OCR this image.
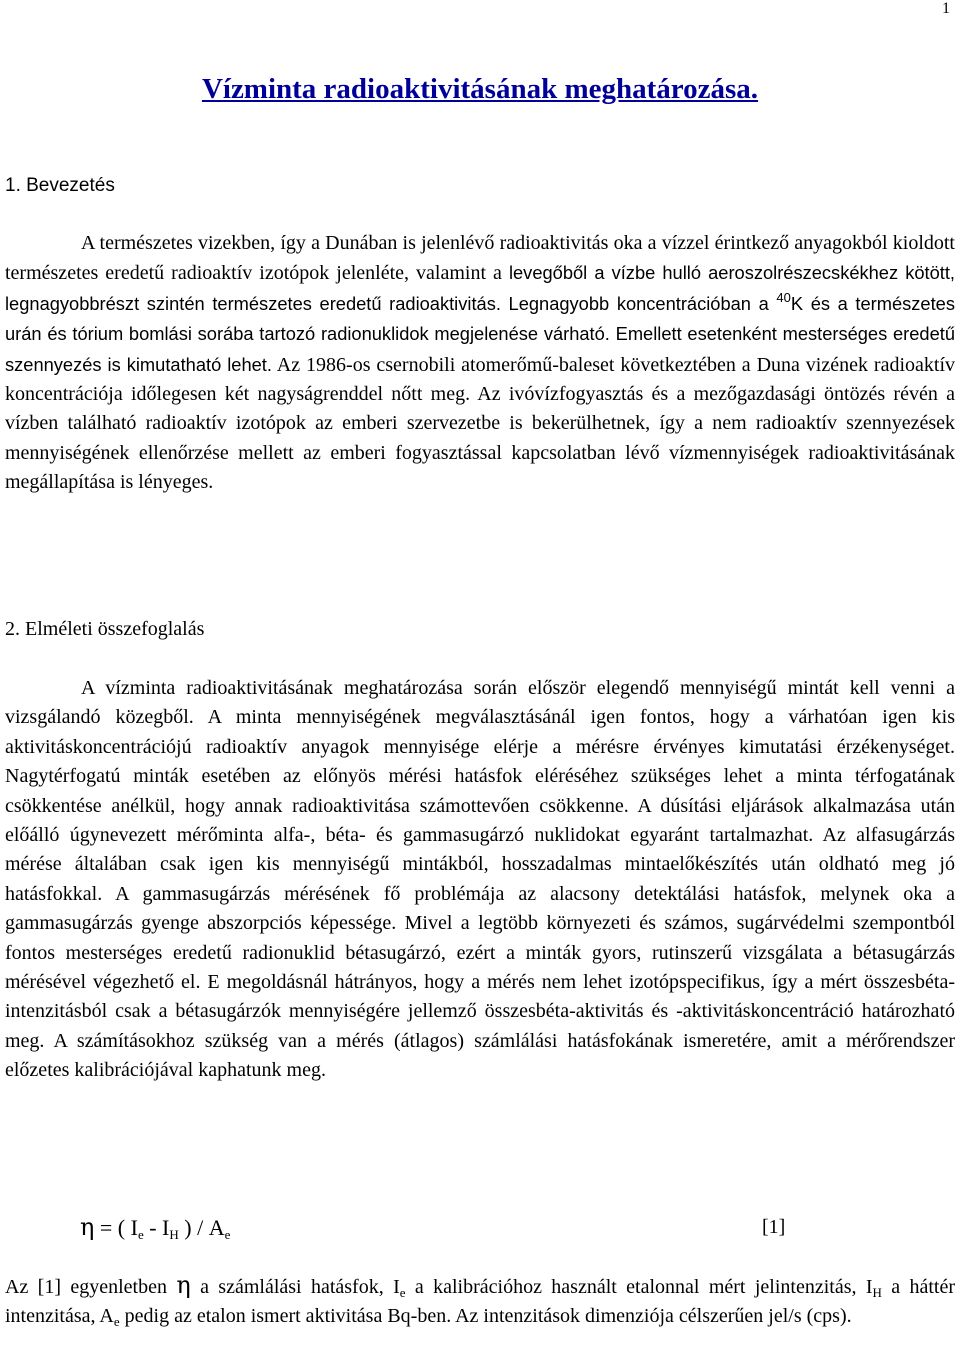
1
Vízminta radioaktivitásának meghatározása.
1. Bevezetés

A természetes vizekben, így a Dunában is jelenlévő radioaktivitás oka a vízzel érintkező anyagokból kioldott természetes eredetű radioaktív izotópok jelenléte, valamint a levegőből a vízbe hulló aeroszolrészecskékhez kötött, legnagyobbrészt szintén természetes eredetű radioaktivitás. Legnagyobb koncentrációban a $^{40}$K és a természetes urán és tórium bomlási sorába tartozó radionuklidok megjelenése várható. Emellett esetenként mesterséges eredetű szennyezés is kimutatható lehet. Az 1986-os csernobili atomerőmű-baleset következtében a Duna vizének radioaktív koncentrációja időlegesen két nagyságrenddel nőtt meg. Az ivóvízfogyasztás és a mezőgazdasági öntözés révén a vízben található radioaktív izotópok az emberi szervezetbe is bekerülhetnek, így a nem radioaktív szennyezések mennyiségének ellenőrzése mellett az emberi fogyasztással kapcsolatban lévő vízmennyiségek radioaktivitásának megállapítása is lényeges.

2. Elméleti összefoglalás

A vízminta radioaktivitásának meghatározása során először elegendő mennyiségű mintát kell venni a vizsgálandó közegből. A minta mennyiségének megválasztásánál igen fontos, hogy a várhatóan igen kis aktivitáskoncentrációjú radioaktív anyagok mennyisége elérje a mérésre érvényes kimutatási érzékenységet. Nagytérfogatú minták esetében az előnyös mérési hatásfok eléréséhez szükséges lehet a minta térfogatának csökkentése anélkül, hogy annak radioaktivitása számottevően csökkenne. A dúsítási eljárások alkalmazása után előálló úgynevezett mérőminta alfa-, béta- és gammasugárzó nuklidokat egyaránt tartalmazhat. Az alfasugárzás mérése általában csak igen kis mennyiségű mintákból, hosszadalmas mintaelőkészítés után oldható meg jó hatásfokkal. A gammasugárzás mérésének fő problémája az alacsony detektálási hatásfok, melynek oka a gammasugárzás gyenge abszorpciós képessége. Mivel a legtöbb környezeti és számos, sugárvédelmi szempontból fontos mesterséges eredetű radionuklid bétasugárzó, ezért a minták gyors, rutinszerű vizsgálata a bétasugárzás mérésével végezhető el. E megoldásnál hátrányos, hogy a mérés nem lehet izotópspecifikus, így a mért összesbéta-intenzitásból csak a bétasugárzók mennyiségére jellemző összesbéta-aktivitás és -aktivitáskoncentráció határozható meg. A számításokhoz szükség van a mérés (átlagos) számlálási hatásfokának ismeretére, amit a mérőrendszer előzetes kalibrációjával kaphatunk meg.

η = ( $I_e - I_H$ ) / $A_e$	[1]

Az [1] egyenletben η a számlálási hatásfok, $I_e$ a kalibrációhoz használt etalonnal mért jelintenzitás, $I_H$ a háttér intenzitása, $A_e$ pedig az etalon ismert aktivitása Bq-ben. Az intenzitások dimenziója célszerűen jel/s (cps).
